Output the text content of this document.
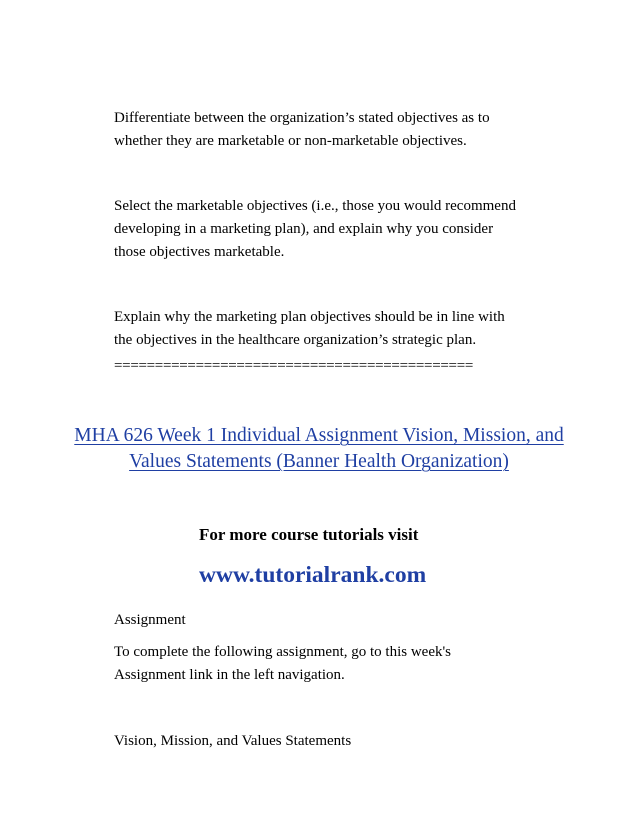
Differentiate between the organization’s stated objectives as to
whether they are marketable or non-marketable objectives.
Select the marketable objectives (i.e., those you would recommend
developing in a marketing plan), and explain why you consider
those objectives marketable.
Explain why the marketing plan objectives should be in line with
the objectives in the healthcare organization’s strategic plan.
============================================
MHA 626 Week 1 Individual Assignment Vision, Mission, and
Values Statements (Banner Health Organization)
For more course tutorials visit
www.tutorialrank.com
Assignment
To complete the following assignment, go to this week's
Assignment link in the left navigation.
Vision, Mission, and Values Statements
